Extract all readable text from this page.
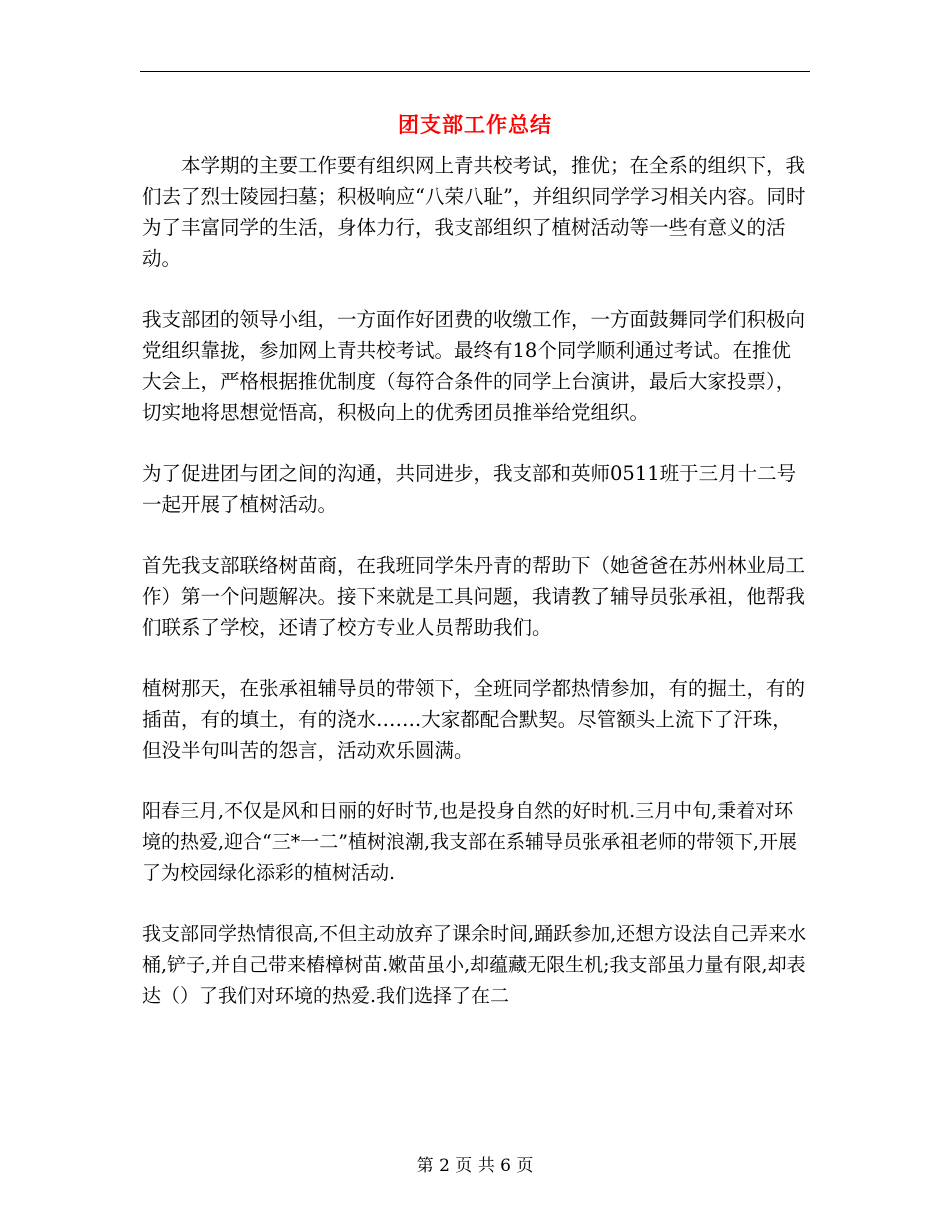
团支部工作总结

本学期的主要工作要有组织网上青共校考试，推优；在全系的组织下，我们去了烈士陵园扫墓；积极响应“八荣八耻”，并组织同学学习相关内容。同时为了丰富同学的生活，身体力行，我支部组织了植树活动等一些有意义的活动。

我支部团的领导小组，一方面作好团费的收缴工作，一方面鼓舞同学们积极向党组织靠拢，参加网上青共校考试。最终有18个同学顺利通过考试。在推优大会上，严格根据推优制度（每符合条件的同学上台演讲，最后大家投票），切实地将思想觉悟高，积极向上的优秀团员推举给党组织。

为了促进团与团之间的沟通，共同进步，我支部和英师0511班于三月十二号一起开展了植树活动。

首先我支部联络树苗商，在我班同学朱丹青的帮助下（她爸爸在苏州林业局工作）第一个问题解决。接下来就是工具问题，我请教了辅导员张承祖，他帮我们联系了学校，还请了校方专业人员帮助我们。

植树那天，在张承祖辅导员的带领下，全班同学都热情参加，有的掘土，有的插苗，有的填土，有的浇水…….大家都配合默契。尽管额头上流下了汗珠，但没半句叫苦的怨言，活动欢乐圆满。

阳春三月,不仅是风和日丽的好时节,也是投身自然的好时机.三月中旬,秉着对环境的热爱,迎合“三*一二”植树浪潮,我支部在系辅导员张承祖老师的带领下,开展了为校园绿化添彩的植树活动.

我支部同学热情很高,不但主动放弃了课余时间,踊跃参加,还想方设法自己弄来水桶,铲子,并自己带来樁樟树苗.嫩苗虽小,却蕴藏无限生机;我支部虽力量有限,却表达（）了我们对环境的热爱.我们选择了在二

第 2 页 共 6 页
